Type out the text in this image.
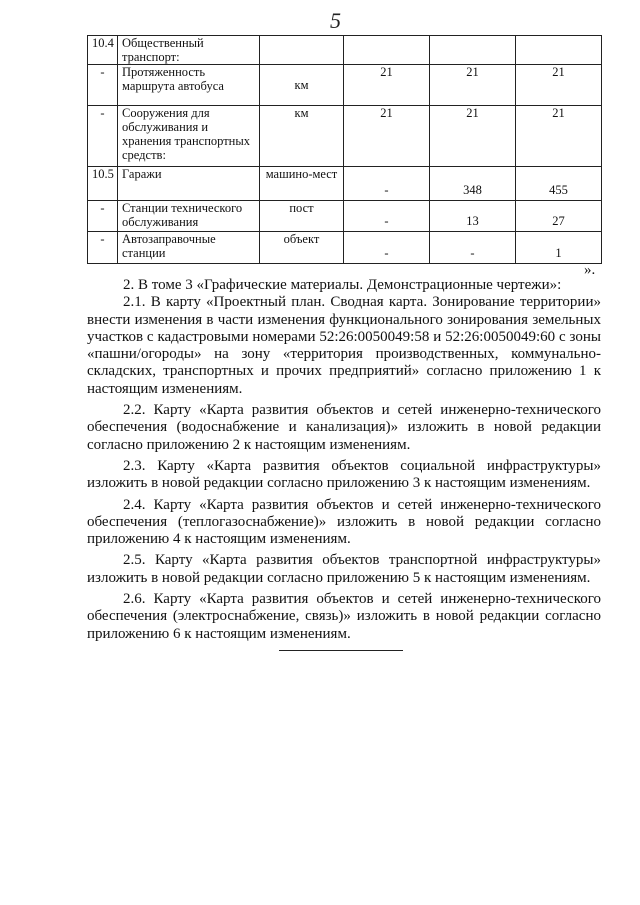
5
10.4	Общественный транспорт:				
-	Протяженность маршрута автобуса	км	21	21	21
-	Сооружения для обслуживания и хранения транспортных средств:	км	21	21	21
10.5	Гаражи	машино-мест	-	348	455
-	Станции технического обслуживания	пост	-	13	27
-	Автозаправочные станции	объект	-	-	1
».

2. В томе 3 «Графические материалы. Демонстрационные чертежи»:

2.1. В карту «Проектный план. Сводная карта. Зонирование территории» внести изменения в части изменения функционального зонирования земельных участков с кадастровыми номерами 52:26:0050049:58 и 52:26:0050049:60 с зоны «пашни/огороды» на зону «территория производственных, коммунально-складских, транспортных и прочих предприятий» согласно приложению 1 к настоящим изменениям.

2.2. Карту «Карта развития объектов и сетей инженерно-технического обеспечения (водоснабжение и канализация)» изложить в новой редакции согласно приложению 2 к настоящим изменениям.

2.3. Карту «Карта развития объектов социальной инфраструктуры» изложить в новой редакции согласно приложению 3 к настоящим изменениям.

2.4. Карту «Карта развития объектов и сетей инженерно-технического обеспечения (теплогазоснабжение)» изложить в новой редакции согласно приложению 4 к настоящим изменениям.

2.5. Карту «Карта развития объектов транспортной инфраструктуры» изложить в новой редакции согласно приложению 5 к настоящим изменениям.

2.6. Карту «Карта развития объектов и сетей инженерно-технического обеспечения (электроснабжение, связь)» изложить в новой редакции согласно приложению 6 к настоящим изменениям.
